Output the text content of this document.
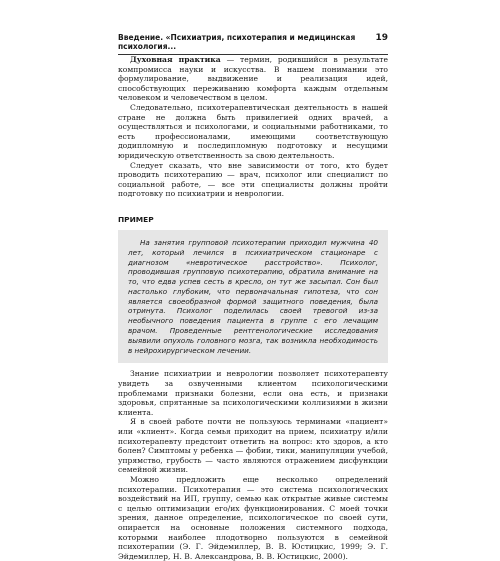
Введение. «Психиатрия, психотерапия и медицинская психология...
19

Духовная практика — термин, родившийся в результате компромисса науки и искусства. В нашем понимании это формулирование, выдвижение и реализация идей, способствующих переживанию комфорта каждым отдельным человеком и человечеством в целом.

Следовательно, психотерапевтическая деятельность в нашей стране не должна быть привилегией одних врачей, а осуществляться и психологами, и социальными работниками, то есть профессионалами, имеющими соответствующую додипломную и последипломную подготовку и несущими юридическую ответственность за свою деятельность.

Следует сказать, что вне зависимости от того, кто будет проводить психотерапию — врач, психолог или специалист по социальной работе, — все эти специалисты должны пройти подготовку по психиатрии и неврологии.

ПРИМЕР
На занятия групповой психотерапии приходил мужчина 40 лет, который лечился в психиатрическом стационаре с диагнозом «невротическое расстройство». Психолог, проводившая групповую психотерапию, обратила внимание на то, что едва успев сесть в кресло, он тут же засыпал. Сон был настолько глубоким, что первоначальная гипотеза, что сон является своеобразной формой защитного поведения, была отринута. Психолог поделилась своей тревогой из-за необычного поведения пациента в группе с его лечащим врачом. Проведенные рентгенологические исследования выявили опухоль головного мозга, так возникла необходимость в нейрохирургическом лечении.

Знание психиатрии и неврологии позволяет психотерапевту увидеть за озвученными клиентом психологическими проблемами признаки болезни, если она есть, и признаки здоровья, спрятанные за психологическими коллизиями в жизни клиента.

Я в своей работе почти не пользуюсь терминами «пациент» или «клиент». Когда семья приходит на прием, психиатру и/или психотерапевту предстоит ответить на вопрос: кто здоров, а кто болен? Симптомы у ребенка — фобии, тики, манипуляции учебой, упрямство, грубость — часто являются отражением дисфункции семейной жизни.

Можно предложить еще несколько определений психотерапии. Психотерапия — это система психологических воздействий на ИП, группу, семью как открытые живые системы с целью оптимизации его/их функционирования. С моей точки зрения, данное определение, психологическое по своей сути, опирается на основные положения системного подхода, которыми наиболее плодотворно пользуются в семейной психотерапии (Э. Г. Эйдемиллер, В. В. Юстицкис, 1999; Э. Г. Эйдемиллер, Н. В. Александрова, В. В. Юстицкис, 2000).
